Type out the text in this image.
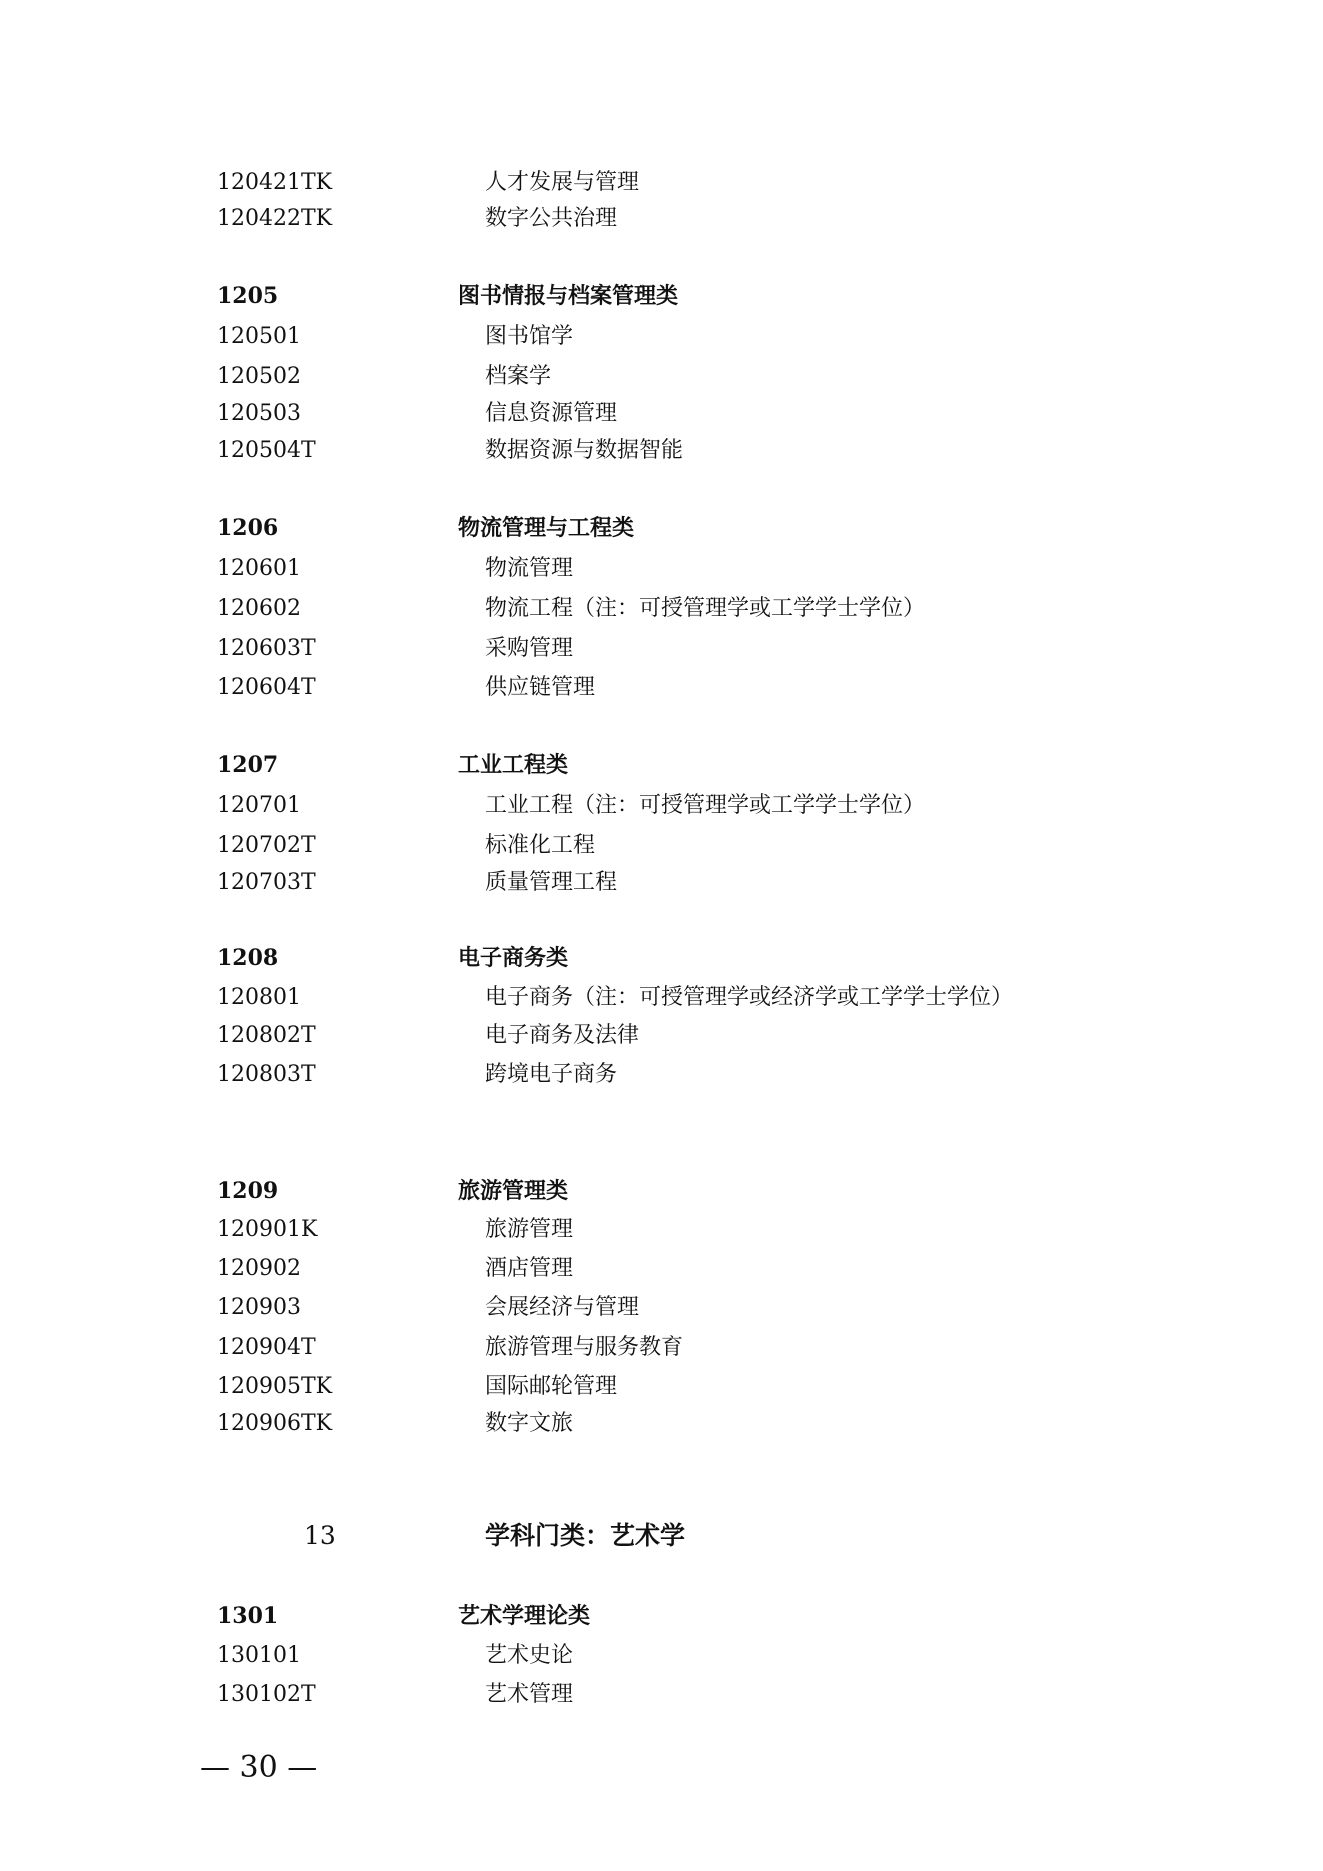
120421TK	人才发展与管理
120422TK	数字公共治理
1205	图书情报与档案管理类
120501	图书馆学
120502	档案学
120503	信息资源管理
120504T	数据资源与数据智能
1206	物流管理与工程类
120601	物流管理
120602	物流工程（注：可授管理学或工学学士学位）
120603T	采购管理
120604T	供应链管理
1207	工业工程类
120701	工业工程（注：可授管理学或工学学士学位）
120702T	标准化工程
120703T	质量管理工程
1208	电子商务类
120801	电子商务（注：可授管理学或经济学或工学学士学位）
120802T	电子商务及法律
120803T	跨境电子商务
1209	旅游管理类
120901K	旅游管理
120902	酒店管理
120903	会展经济与管理
120904T	旅游管理与服务教育
120905TK	国际邮轮管理
120906TK	数字文旅
13	学科门类：艺术学
1301	艺术学理论类
130101	艺术史论
130102T	艺术管理
— 30 —
